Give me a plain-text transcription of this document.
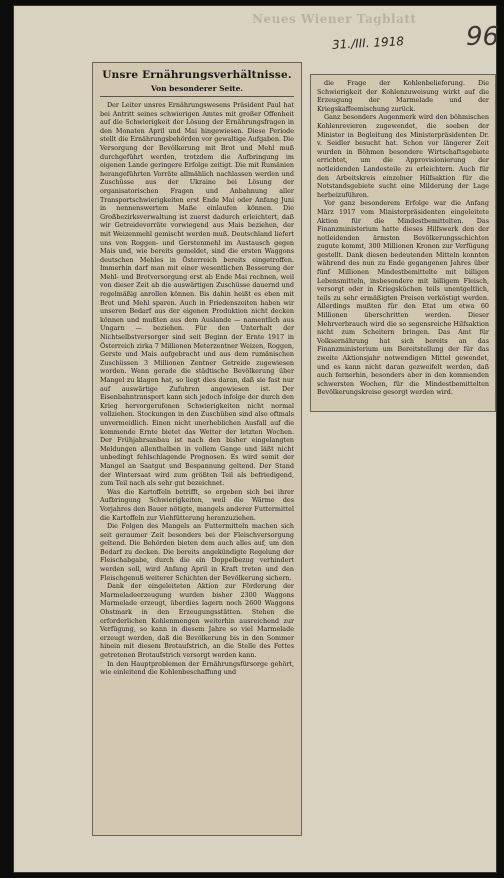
Neues Wiener Tagblatt
31./III. 1918 96
Unsre Ernährungsverhältnisse.
Von besonderer Seite.

Der Leiter unsres Ernährungswesens Präsident Paul hat bei Antritt seines schwierigen Amtes mit großer Offenheit auf die Schwierigkeit der Lösung der Ernährungsfragen in den Monaten April und Mai hingewiesen. Diese Periode stellt die Ernährungsbehörden vor gewaltige Aufgaben. Die Versorgung der Bevölkerung mit Brot und Mehl muß durchgeführt werden, trotzdem die Aufbringung im eigenen Lande geringere Erfolge zeitigt. Die mit Rumänien herangeführten Vorräte allmählich nachlassen werden und Zuschüsse aus der Ukraine bei Lösung der organisatorischen Fragen und Anbahnung aller Transportschwierigkeiten erst Ende Mai oder Anfang Juni in nennenswertem Maße einlaufen können. Die Großbezirksverwaltung ist zuerst dadurch erleichtert, daß wir Getreidevorräte vorwiegend aus Mais beziehen, der mit Weizenmehl gemischt werden muß. Deutschland liefert uns von Roggen- und Gerstenmehl im Austausch gegen Mais und, wie bereits gemeldet, sind die ersten Waggons deutschen Mehles in Österreich bereits eingetroffen. Immerhin darf man mit einer wesentlichen Besserung der Mehl- und Brotversorgung erst ab Ende Mai rechnen, weil von dieser Zeit ab die auswärtigen Zuschüsse dauernd und regelmäßig anrollen können. Bis dahin heißt es eben mit Brot und Mehl sparen. Auch in Friedenszeiten haben wir unseren Bedarf aus der eigenen Produktion nicht decken können und mußten aus dem Auslande — namentlich aus Ungarn — beziehen. Für den Unterhalt der Nichtselbstversorger sind seit Beginn der Ernte 1917 in Österreich zirka 7 Millionen Meterzentner Weizen, Roggen, Gerste und Mais aufgebracht und aus dem rumänischen Zuschüssen 3 Millionen Zentner Getreide zugewiesen worden. Wenn gerade die städtische Bevölkerung über Mangel zu klagen hat, so liegt dies daran, daß sie fast nur auf auswärtige Zufuhren angewiesen ist. Der Eisenbahntransport kann sich jedoch infolge der durch den Krieg hervorgerufenen Schwierigkeiten nicht normal vollziehen. Stockungen in den Zuschüben sind also oftmals unvermeidlich. Einen nicht unerheblichen Ausfall auf die kommende Ernte bietet das Wetter der letzten Wochen. Der Frühjahrsanbau ist nach den bisher eingelangten Meldungen allenthalben in vollem Gange und läßt nicht unbedingt fehlschlagende Prognosen. Es wird somit der Mangel an Saatgut und Bespannung geltend. Der Stand der Wintersaat wird zum größten Teil als befriedigend, zum Teil nach als sehr gut bezeichnet.

Was die Kartoffeln betrifft, so ergeben sich bei ihrer Aufbringung Schwierigkeiten, weil die Wärme des Vorjahres den Bauer nötigte, mangels anderer Futtermittel die Kartoffeln zur Viehfütterung heranzuziehen.

Die Folgen des Mangels an Futtermitteln machen sich seit geraumer Zeit besonders bei der Fleischversorgung geltend. Die Behörden bieten dem auch alles auf, um den Bedarf zu decken. Die bereits angekündigte Regelung der Fleischabgabe, durch die ein Doppelbezug verhindert werden soll, wird Anfang April in Kraft treten und den Fleischgenuß weiterer Schichten der Bevölkerung sichern.

Dank der eingeleiteten Aktion zur Förderung der Marmeladeerzeugung wurden bisher 2300 Waggons Marmelade erzeugt, überdies lagern noch 2600 Waggons Obstmark in den Erzeugungsstätten. Stehen die erforderlichen Kohlenmengen weiterhin ausreichend zur Verfügung, so kann in diesem Jahre so viel Marmelade erzeugt werden, daß die Bevölkerung bis in den Sommer hinein mit diesem Brotaufstrich, an die Stelle des Fettes getretenen Brotaufstrich versorgt werden kann.

In den Hauptproblemen der Ernährungsfürsorge gehört, wie einleitend die Kohlenbeschaffung und

die Frage der Kohlenbelieferung. Die Schwierigkeit der Kohlenzuweisung wirkt auf die Erzeugung der Marmelade und der Kriegskaffeemischung zurück.

Ganz besonders Augenmerk wird den böhmischen Kohlenrevieren zugewendet, die soeben der Minister in Begleitung des Ministerpräsidenten Dr. v. Seidler besucht hat. Schon vor längerer Zeit wurden in Böhmen besondere Wirtschaftsgebiete errichtet, um die Approvisionierung der notleidenden Landesteile zu erleichtern. Auch für den Arbeitskreis einzelner Hilfsaktion für die Notstandsgebiete sucht eine Milderung der Lage herbeizuführen.

Vor ganz besonderem Erfolge war die Anfang März 1917 vom Ministerpräsidenten eingeleitete Aktion für die Mindestbemittelten. Das Finanzministerium hatte dieses Hilfswerk den der notleidenden ärmsten Bevölkerungsschichten zugute kommt, 300 Millionen Kronen zur Verfügung gestellt. Dank diesen bedeutenden Mitteln konnten während des nun zu Ende gegangenen Jahres über fünf Millionen Mindestbemittelte mit billigen Lebensmitteln, insbesondere mit billigem Fleisch, versorgt oder in Kriegsküchen teils unentgeltlich, teils zu sehr ermäßigten Preisen verköstigt werden. Allerdings mußten für den Etat um etwa 60 Millionen überschritten werden. Dieser Mehrverbrauch wird die so segensreiche Hilfsaktion nicht zum Scheitern bringen. Das Amt für Volksernährung hat sich bereits an das Finanzministerium um Bereitstellung der für das zweite Aktionsjahr notwendigen Mittel gewendet, und es kann nicht daran gezweifelt werden, daß auch fernerhin, besonders aber in den kommenden schwersten Wochen, für die Mindestbemittelten Bevölkerungskreise gesorgt werden wird.
